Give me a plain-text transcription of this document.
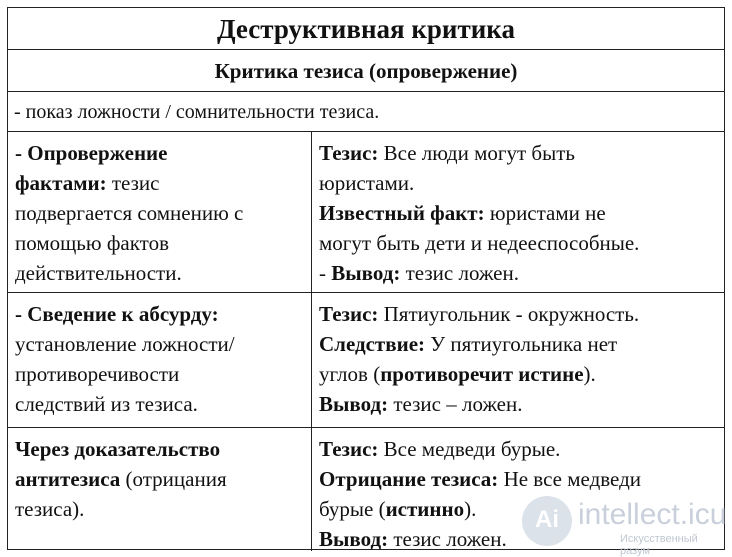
Деструктивная критика
Критика тезиса (опровержение)
- показ ложности / сомнительности тезиса.
- Опровержение
фактами: тезис
подвергается сомнению с
помощью фактов
действительности.
Тезис: Все люди могут быть
юристами.
Известный факт: юристами не
могут быть дети и недееспособные.
- Вывод: тезис ложен.
- Сведение к абсурду:
установление ложности/
противоречивости
следствий из тезиса.
Тезис: Пятиугольник - окружность.
Следствие: У пятиугольника нет
углов (противоречит истине).
Вывод: тезис – ложен.
Через доказательство
антитезиса (отрицания
тезиса).
Тезис: Все медведи бурые.
Отрицание тезиса: Не все медведи
бурые (истинно).
Вывод: тезис ложен.
Ai intellect.icu
Искусственный разум
